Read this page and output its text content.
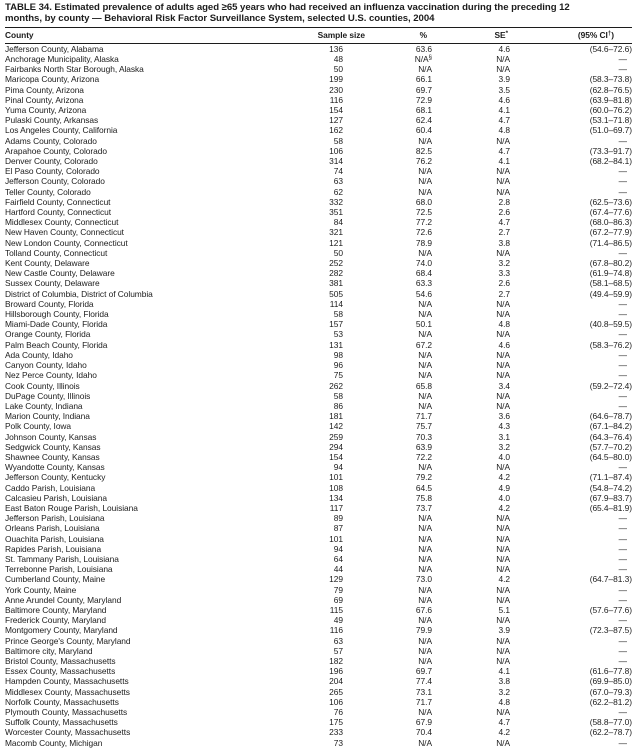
TABLE 34. Estimated prevalence of adults aged ≥65 years who had received an influenza vaccination during the preceding 12
months, by county — Behavioral Risk Factor Surveillance System, selected U.S. counties, 2004
County	Sample size	%	SE*	(95% CI†)
Jefferson County, Alabama	136	63.6	4.6	(54.6–72.6)
Anchorage Municipality, Alaska	48	N/A§	N/A	—
Fairbanks North Star Borough, Alaska	50	N/A	N/A	—
Maricopa County, Arizona	199	66.1	3.9	(58.3–73.8)
Pima County, Arizona	230	69.7	3.5	(62.8–76.5)
Pinal County, Arizona	116	72.9	4.6	(63.9–81.8)
Yuma County, Arizona	154	68.1	4.1	(60.0–76.2)
Pulaski County, Arkansas	127	62.4	4.7	(53.1–71.8)
Los Angeles County, California	162	60.4	4.8	(51.0–69.7)
Adams County, Colorado	58	N/A	N/A	—
Arapahoe County, Colorado	106	82.5	4.7	(73.3–91.7)
Denver County, Colorado	314	76.2	4.1	(68.2–84.1)
El Paso County, Colorado	74	N/A	N/A	—
Jefferson County, Colorado	63	N/A	N/A	—
Teller County, Colorado	62	N/A	N/A	—
Fairfield County, Connecticut	332	68.0	2.8	(62.5–73.6)
Hartford County, Connecticut	351	72.5	2.6	(67.4–77.6)
Middlesex County, Connecticut	84	77.2	4.7	(68.0–86.3)
New Haven County, Connecticut	321	72.6	2.7	(67.2–77.9)
New London County, Connecticut	121	78.9	3.8	(71.4–86.5)
Tolland County, Connecticut	50	N/A	N/A	—
Kent County, Delaware	252	74.0	3.2	(67.8–80.2)
New Castle County, Delaware	282	68.4	3.3	(61.9–74.8)
Sussex County, Delaware	381	63.3	2.6	(58.1–68.5)
District of Columbia, District of Columbia	505	54.6	2.7	(49.4–59.9)
Broward County, Florida	114	N/A	N/A	—
Hillsborough County, Florida	58	N/A	N/A	—
Miami-Dade County, Florida	157	50.1	4.8	(40.8–59.5)
Orange County, Florida	53	N/A	N/A	—
Palm Beach County, Florida	131	67.2	4.6	(58.3–76.2)
Ada County, Idaho	98	N/A	N/A	—
Canyon County, Idaho	96	N/A	N/A	—
Nez Perce County, Idaho	75	N/A	N/A	—
Cook County, Illinois	262	65.8	3.4	(59.2–72.4)
DuPage County, Illinois	58	N/A	N/A	—
Lake County, Indiana	86	N/A	N/A	—
Marion County, Indiana	181	71.7	3.6	(64.6–78.7)
Polk County, Iowa	142	75.7	4.3	(67.1–84.2)
Johnson County, Kansas	259	70.3	3.1	(64.3–76.4)
Sedgwick County, Kansas	294	63.9	3.2	(57.7–70.2)
Shawnee County, Kansas	154	72.2	4.0	(64.5–80.0)
Wyandotte County, Kansas	94	N/A	N/A	—
Jefferson County, Kentucky	101	79.2	4.2	(71.1–87.4)
Caddo Parish, Louisiana	108	64.5	4.9	(54.8–74.2)
Calcasieu Parish, Louisiana	134	75.8	4.0	(67.9–83.7)
East Baton Rouge Parish, Louisiana	117	73.7	4.2	(65.4–81.9)
Jefferson Parish, Louisiana	89	N/A	N/A	—
Orleans Parish, Louisiana	87	N/A	N/A	—
Ouachita Parish, Louisiana	101	N/A	N/A	—
Rapides Parish, Louisiana	94	N/A	N/A	—
St. Tammany Parish, Louisiana	64	N/A	N/A	—
Terrebonne Parish, Louisiana	44	N/A	N/A	—
Cumberland County, Maine	129	73.0	4.2	(64.7–81.3)
York County, Maine	79	N/A	N/A	—
Anne Arundel County, Maryland	69	N/A	N/A	—
Baltimore County, Maryland	115	67.6	5.1	(57.6–77.6)
Frederick County, Maryland	49	N/A	N/A	—
Montgomery County, Maryland	116	79.9	3.9	(72.3–87.5)
Prince George's County, Maryland	63	N/A	N/A	—
Baltimore city, Maryland	57	N/A	N/A	—
Bristol County, Massachusetts	182	N/A	N/A	—
Essex County, Massachusetts	196	69.7	4.1	(61.6–77.8)
Hampden County, Massachusetts	204	77.4	3.8	(69.9–85.0)
Middlesex County, Massachusetts	265	73.1	3.2	(67.0–79.3)
Norfolk County, Massachusetts	106	71.7	4.8	(62.2–81.2)
Plymouth County, Massachusetts	76	N/A	N/A	—
Suffolk County, Massachusetts	175	67.9	4.7	(58.8–77.0)
Worcester County, Massachusetts	233	70.4	4.2	(62.2–78.7)
Macomb County, Michigan	73	N/A	N/A	—
